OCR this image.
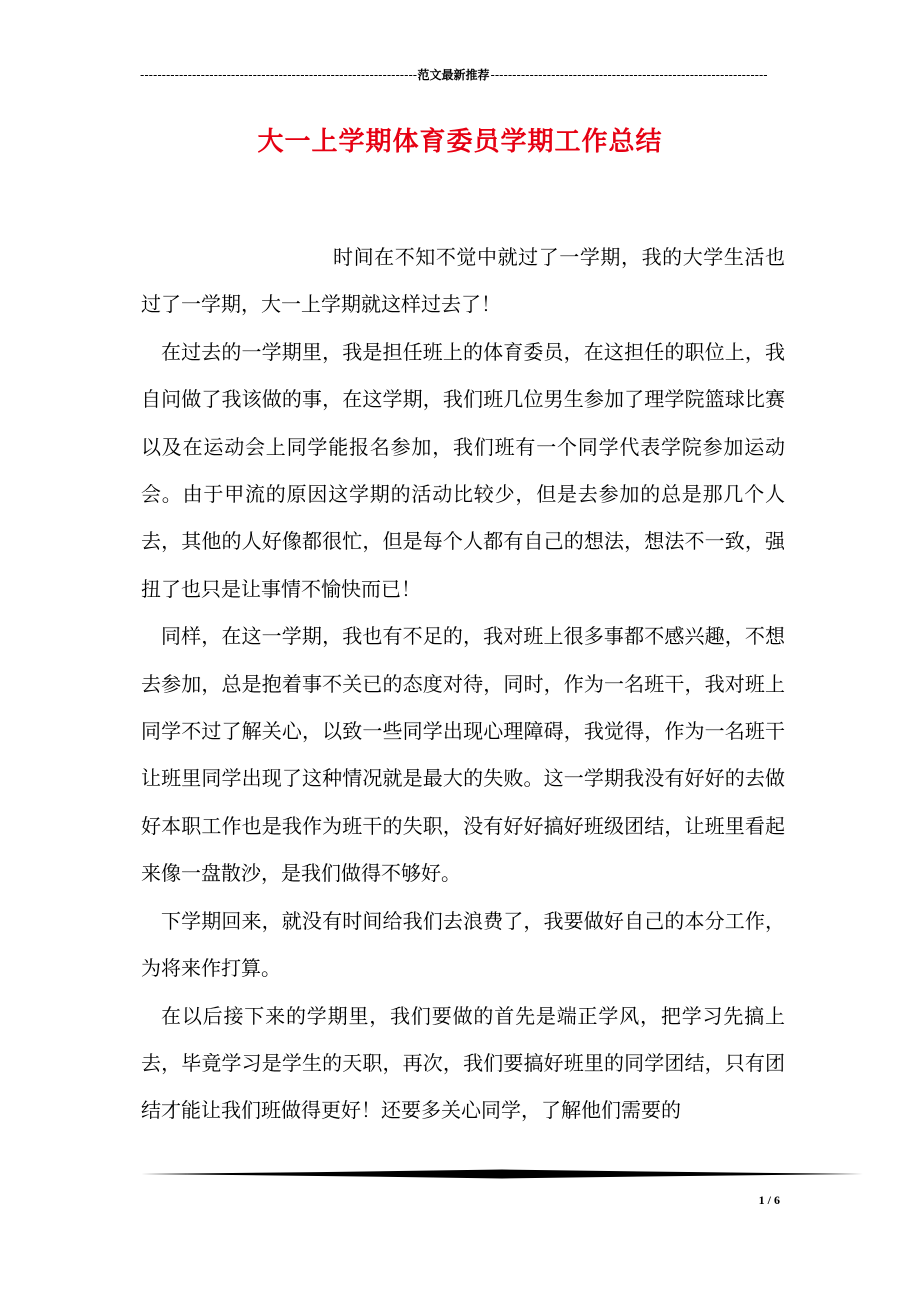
-----
范文最新推荐
-----
大一上学期体育委员学期工作总结

时间在不知不觉中就过了一学期，我的大学生活也过了一学期，大一上学期就这样过去了！

在过去的一学期里，我是担任班上的体育委员，在这担任的职位上，我自问做了我该做的事，在这学期，我们班几位男生参加了理学院篮球比赛以及在运动会上同学能报名参加，我们班有一个同学代表学院参加运动会。由于甲流的原因这学期的活动比较少，但是去参加的总是那几个人去，其他的人好像都很忙，但是每个人都有自己的想法，想法不一致，强扭了也只是让事情不愉快而已！

同样，在这一学期，我也有不足的，我对班上很多事都不感兴趣，不想去参加，总是抱着事不关已的态度对待，同时，作为一名班干，我对班上同学不过了解关心，以致一些同学出现心理障碍，我觉得，作为一名班干让班里同学出现了这种情况就是最大的失败。这一学期我没有好好的去做好本职工作也是我作为班干的失职，没有好好搞好班级团结，让班里看起来像一盘散沙，是我们做得不够好。

下学期回来，就没有时间给我们去浪费了，我要做好自己的本分工作，为将来作打算。

在以后接下来的学期里，我们要做的首先是端正学风，把学习先搞上去，毕竟学习是学生的天职，再次，我们要搞好班里的同学团结，只有团结才能让我们班做得更好！还要多关心同学，了解他们需要的

1 / 6
